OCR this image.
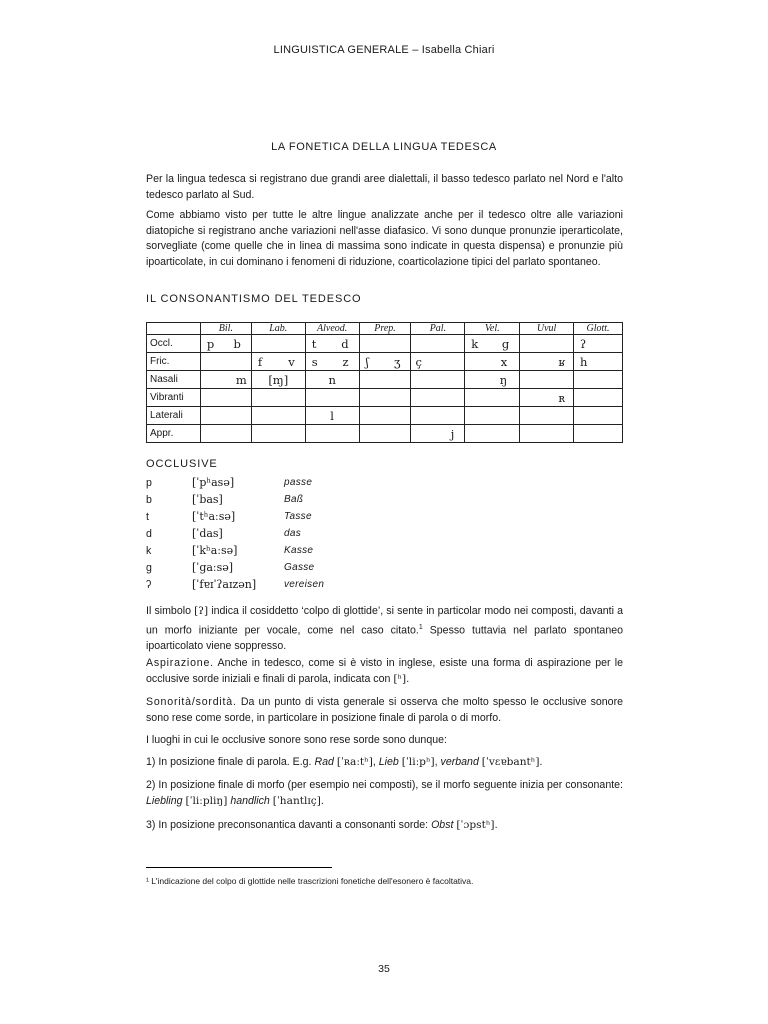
LINGUISTICA GENERALE – Isabella Chiari
LA FONETICA DELLA LINGUA TEDESCA

Per la lingua tedesca si registrano due grandi aree dialettali, il basso tedesco parlato nel Nord e l'alto tedesco parlato al Sud.

Come abbiamo visto per tutte le altre lingue analizzate anche per il tedesco oltre alle variazioni diatopiche si registrano anche variazioni nell'asse diafasico. Vi sono dunque pronunzie iperarticolate, sorvegliate (come quelle che in linea di massima sono indicate in questa dispensa) e pronunzie più ipoarticolate, in cui dominano i fenomeni di riduzione, coarticolazione tipici del parlato spontaneo.

IL CONSONANTISMO DEL TEDESCO
	Bil.	Lab.	Alveod.	Prep.	Pal.	Vel.	Uvul	Glott.
Occl.	p b		t d			k g		ʔ

Fric.		f v	s z	ʃ ʒ	ç	x	ʁ	h

Nasali	m	[ɱ]	n			ŋ		

Vibranti							ʀ	

Laterali			l					

Appr.					j			

OCCLUSIVE
p	[ˈpʰasə]	passe
b	[ˈbas]	Baß
t	[ˈtʰaːsə]	Tasse
d	[ˈdas]	das
k	[ˈkʰaːsə]	Kasse
g	[ˈgaːsə]	Gasse
ʔ	[ˈfɐɪˈʔaɪzən]	vereisen

Il simbolo [ʔ] indica il cosiddetto ‘colpo di glottide’, si sente in particolar modo nei composti, davanti a un morfo iniziante per vocale, come nel caso citato.$^1$ Spesso tuttavia nel parlato spontaneo ipoarticolato viene soppresso.

Aspirazione. Anche in tedesco, come si è visto in inglese, esiste una forma di aspirazione per le occlusive sorde iniziali e finali di parola, indicata con [ʰ].

Sonorità/sordità. Da un punto di vista generale si osserva che molto spesso le occlusive sonore sono rese come sorde, in particolare in posizione finale di parola o di morfo.

I luoghi in cui le occlusive sonore sono rese sorde sono dunque:

1) In posizione finale di parola. E.g. Rad [ˈʀaːtʰ], Lieb [ˈliːpʰ], verband [ˈvɛɐbantʰ].

2) In posizione finale di morfo (per esempio nei composti), se il morfo seguente inizia per consonante: Liebling [ˈliːpliŋ] handlich [ˈhantlɪç].

3) In posizione preconsonantica davanti a consonanti sorde: Obst [ˈɔpstʰ].

¹ L'indicazione del colpo di glottide nelle trascrizioni fonetiche dell'esonero è facoltativa.
35
